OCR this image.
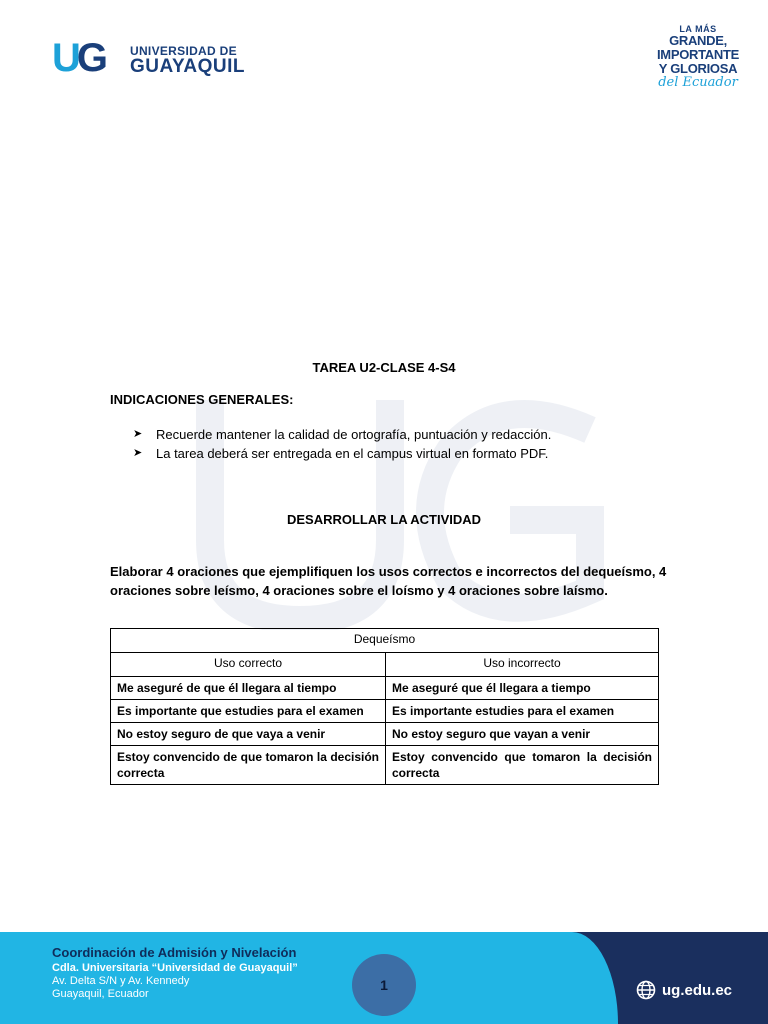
UG UNIVERSIDAD DE
GUAYAQUIL
LA MÁS
GRANDE,
IMPORTANTE
Y GLORIOSA
del Ecuador
TAREA U2-CLASE 4-S4
INDICACIONES GENERALES:
➤	Recuerde mantener la calidad de ortografía, puntuación y redacción.
➤	La tarea deberá ser entregada en el campus virtual en formato PDF.
DESARROLLAR LA ACTIVIDAD
Elaborar 4 oraciones que ejemplifiquen los usos correctos e incorrectos del dequeísmo, 4 oraciones sobre leísmo, 4 oraciones sobre el loísmo y 4 oraciones sobre laísmo.
Dequeísmo	
Uso correcto	Uso incorrecto
Me aseguré de que él llegara al tiempo	Me aseguré que él llegara a tiempo
Es importante que estudies para el examen	Es importante estudies para el examen
No estoy seguro de que vaya a venir	No estoy seguro que vayan a venir
Estoy convencido de que tomaron la decisión correcta	Estoy convencido que tomaron la decisión correcta
Coordinación de Admisión y Nivelación
Cdla. Universitaria “Universidad de Guayaquil”
Av. Delta S/N y Av. Kennedy
Guayaquil, Ecuador
1	ug.edu.ec
